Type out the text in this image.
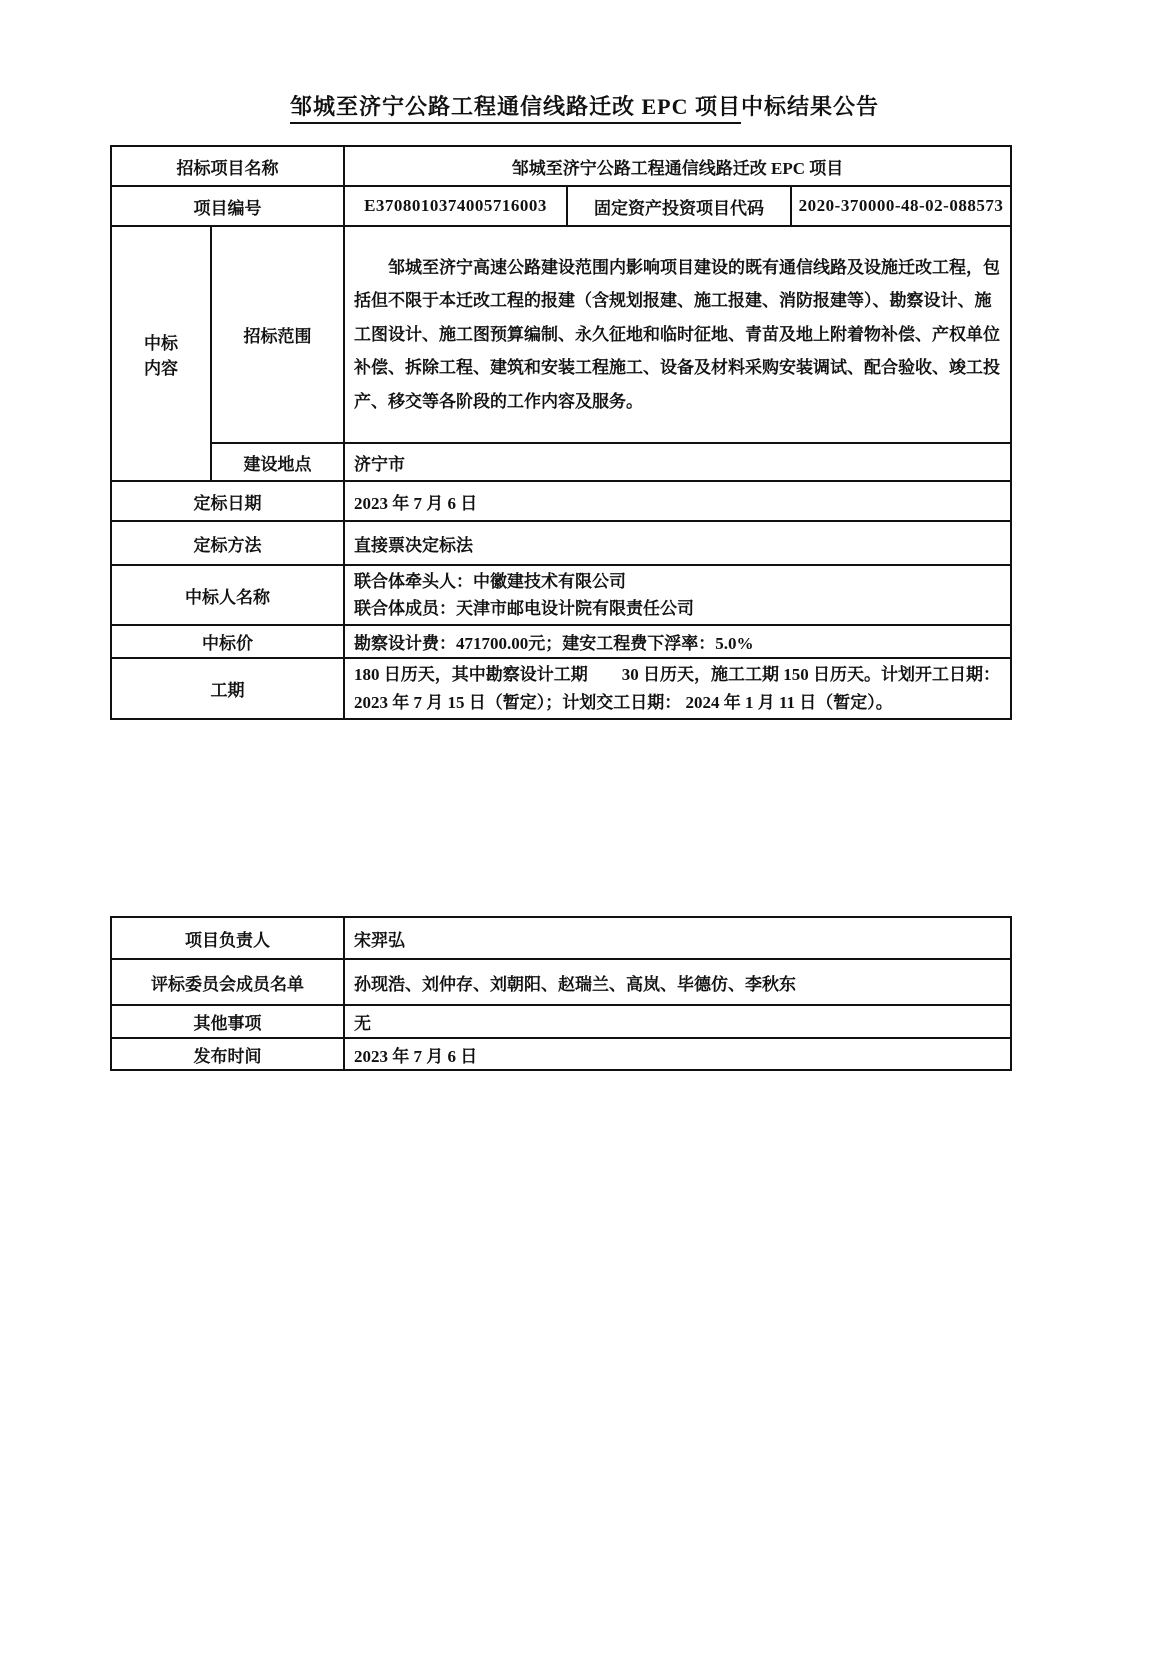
邹城至济宁公路工程通信线路迁改 EPC 项目中标结果公告
招标项目名称		邹城至济宁公路工程通信线路迁改 EPC 项目		
项目编号		E3708010374005716003	固定资产投资项目代码	2020-370000-48-02-088573

中标
内容	招标范围	邹城至济宁高速公路建设范围内影响项目建设的既有通信线路及设施迁改工程，包括但不限于本迁改工程的报建（含规划报建、施工报建、消防报建等）、勘察设计、施工图设计、施工图预算编制、永久征地和临时征地、青苗及地上附着物补偿、产权单位补偿、拆除工程、建筑和安装工程施工、设备及材料采购安装调试、配合验收、竣工投产、移交等各阶段的工作内容及服务。		
	建设地点	济宁市		
定标日期		2023 年 7 月 6 日		
定标方法		直接票决定标法		
中标人名称		联合体牵头人：中徽建技术有限公司
联合体成员：天津市邮电设计院有限责任公司		

中标价		勘察设计费：471700.00元；建安工程费下浮率：5.0%		
工期		180 日历天，其中勘察设计工期　　30 日历天，施工工期 150 日历天。计划开工日期： 2023 年 7 月 15 日（暂定）；计划交工日期： 2024 年 1 月 11 日（暂定）。		
项目负责人	宋羿弘
评标委员会成员名单	孙现浩、刘仲存、刘朝阳、赵瑞兰、高岚、毕德仿、李秋东
其他事项	无
发布时间	2023 年 7 月 6 日
